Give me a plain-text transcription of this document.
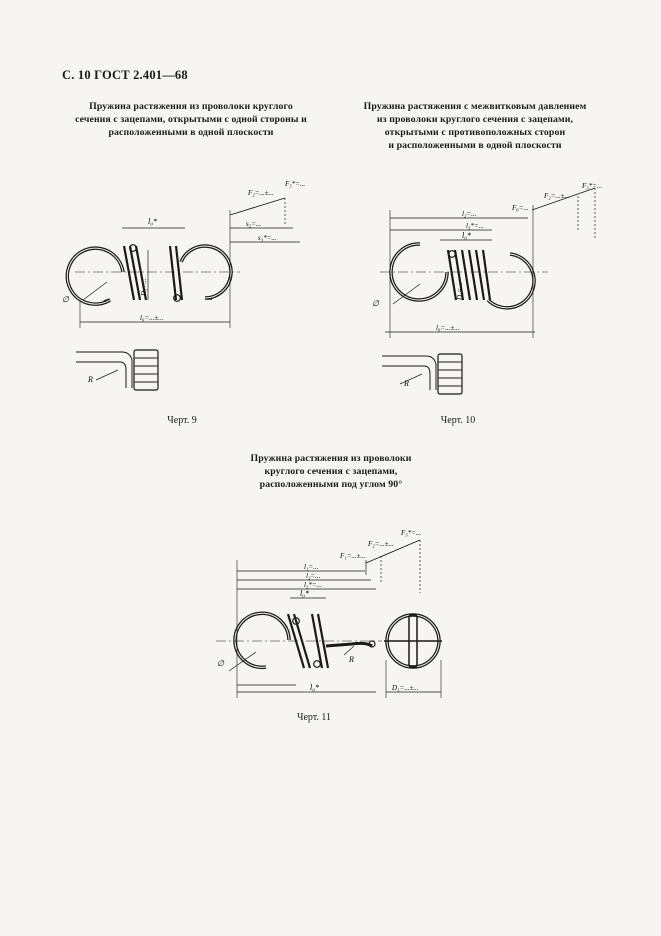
С. 10 ГОСТ 2.401—68
Пружина растяжения из проволоки круглого
сечения с зацепами, открытыми с одной стороны и
расположенными в одной плоскости
F₂=...±...
F₃*=...
l₀*	s₂=...
s₃*=...
l₀=...±...
D₁=...
∅
R
Черт. 9
Пружина растяжения с межвитковым давлением
из проволоки круглого сечения с зацепами,
открытыми с противоположных сторон
и расположенными в одной плоскости
F₀=...
F₂=...±...
F₃*=...
l₂=...
l₃*=...
l₀*
l₀=...±...
D₁=...
∅
R
Черт. 10
Пружина растяжения из проволоки
круглого сечения с зацепами,
расположенными под углом 90°
F₁=...±...
F₂=...±...
F₃*=...
l₁=...
l₂=...
l₃*=...
l₀*
l₀*	D₁=...±...
∅	R
Черт. 11
